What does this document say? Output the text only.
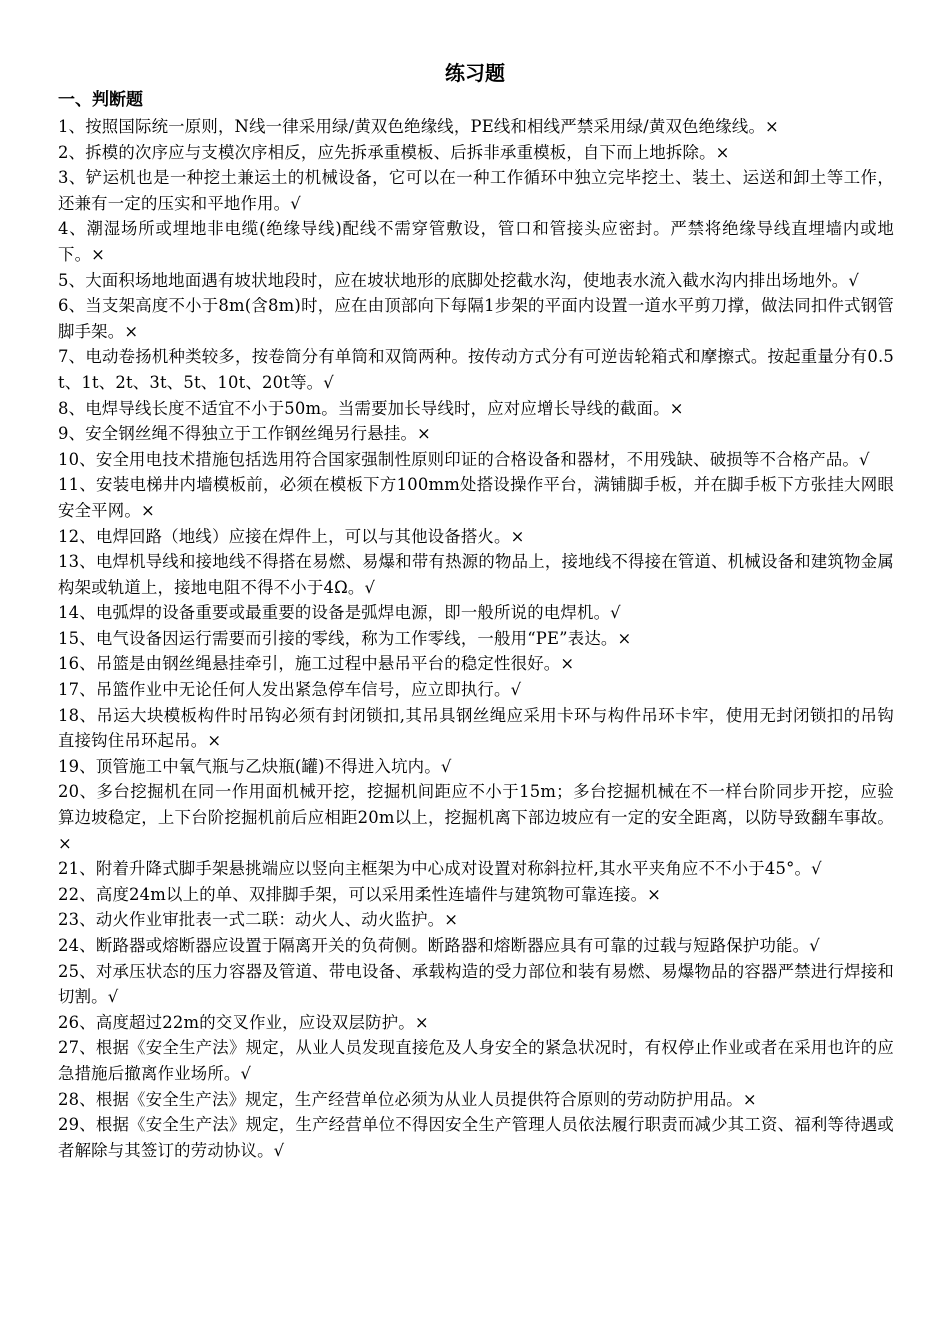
练习题
一、判断题
1、按照国际统一原则，N线一律采用绿/黄双色绝缘线，PE线和相线严禁采用绿/黄双色绝缘线。×
2、拆模的次序应与支模次序相反，应先拆承重模板、后拆非承重模板，自下而上地拆除。×
3、铲运机也是一种挖土兼运土的机械设备，它可以在一种工作循环中独立完毕挖土、装土、运送和卸土等工作，还兼有一定的压实和平地作用。√
4、潮湿场所或埋地非电缆(绝缘导线)配线不需穿管敷设，管口和管接头应密封。严禁将绝缘导线直埋墙内或地下。×
5、大面积场地地面遇有坡状地段时，应在坡状地形的底脚处挖截水沟，使地表水流入截水沟内排出场地外。√
6、当支架高度不小于8m(含8m)时，应在由顶部向下每隔1步架的平面内设置一道水平剪刀撑，做法同扣件式钢管脚手架。×
7、电动卷扬机种类较多，按卷筒分有单筒和双筒两种。按传动方式分有可逆齿轮箱式和摩擦式。按起重量分有0.5t、1t、2t、3t、5t、10t、20t等。√
8、电焊导线长度不适宜不小于50m。当需要加长导线时，应对应增长导线的截面。×
9、安全钢丝绳不得独立于工作钢丝绳另行悬挂。×
10、安全用电技术措施包括选用符合国家强制性原则印证的合格设备和器材，不用残缺、破损等不合格产品。√
11、安装电梯井内墙模板前，必须在模板下方100mm处搭设操作平台，满铺脚手板，并在脚手板下方张挂大网眼安全平网。×
12、电焊回路（地线）应接在焊件上，可以与其他设备搭火。×
13、电焊机导线和接地线不得搭在易燃、易爆和带有热源的物品上，接地线不得接在管道、机械设备和建筑物金属构架或轨道上，接地电阻不得不小于4Ω。√
14、电弧焊的设备重要或最重要的设备是弧焊电源，即一般所说的电焊机。√
15、电气设备因运行需要而引接的零线，称为工作零线，一般用“PE”表达。×
16、吊篮是由钢丝绳悬挂牵引，施工过程中悬吊平台的稳定性很好。×
17、吊篮作业中无论任何人发出紧急停车信号，应立即执行。√
18、吊运大块模板构件时吊钩必须有封闭锁扣,其吊具钢丝绳应采用卡环与构件吊环卡牢，使用无封闭锁扣的吊钩直接钩住吊环起吊。×
19、顶管施工中氧气瓶与乙炔瓶(罐)不得进入坑内。√
20、多台挖掘机在同一作用面机械开挖，挖掘机间距应不小于15m；多台挖掘机械在不一样台阶同步开挖，应验算边坡稳定，上下台阶挖掘机前后应相距20m以上，挖掘机离下部边坡应有一定的安全距离，以防导致翻车事故。×
21、附着升降式脚手架悬挑端应以竖向主框架为中心成对设置对称斜拉杆,其水平夹角应不不小于45°。√
22、高度24m以上的单、双排脚手架，可以采用柔性连墙件与建筑物可靠连接。×
23、动火作业审批表一式二联：动火人、动火监护。×
24、断路器或熔断器应设置于隔离开关的负荷侧。断路器和熔断器应具有可靠的过载与短路保护功能。√
25、对承压状态的压力容器及管道、带电设备、承载构造的受力部位和装有易燃、易爆物品的容器严禁进行焊接和切割。√
26、高度超过22m的交叉作业，应设双层防护。×
27、根据《安全生产法》规定，从业人员发现直接危及人身安全的紧急状况时，有权停止作业或者在采用也许的应急措施后撤离作业场所。√
28、根据《安全生产法》规定，生产经营单位必须为从业人员提供符合原则的劳动防护用品。×
29、根据《安全生产法》规定，生产经营单位不得因安全生产管理人员依法履行职责而减少其工资、福利等待遇或者解除与其签订的劳动协议。√
